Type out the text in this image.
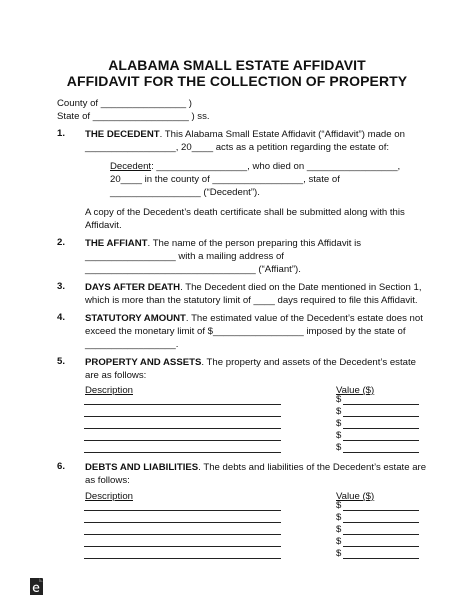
ALABAMA SMALL ESTATE AFFIDAVIT
AFFIDAVIT FOR THE COLLECTION OF PROPERTY
County of ________________ )
State of __________________ ) ss.
1. THE DECEDENT. This Alabama Small Estate Affidavit (“Affidavit”) made on
_________________, 20____ acts as a petition regarding the estate of:
Decedent: _________________, who died on _________________,
20____ in the county of _________________, state of
_________________ (“Decedent”).
A copy of the Decedent’s death certificate shall be submitted along with this
Affidavit.
2. THE AFFIANT. The name of the person preparing this Affidavit is
_________________ with a mailing address of
________________________________ (“Affiant”).
3. DAYS AFTER DEATH. The Decedent died on the Date mentioned in Section 1,
which is more than the statutory limit of ____ days required to file this Affidavit.
4. STATUTORY AMOUNT. The estimated value of the Decedent’s estate does not
exceed the monetary limit of $_________________ imposed by the state of
_________________.
5. PROPERTY AND ASSETS. The property and assets of the Decedent’s estate
are as follows:
Description	Value ($)
$
$
$
$
$
6. DEBTS AND LIABILITIES. The debts and liabilities of the Decedent’s estate are
as follows:
Description	Value ($)
$
$
$
$
$
